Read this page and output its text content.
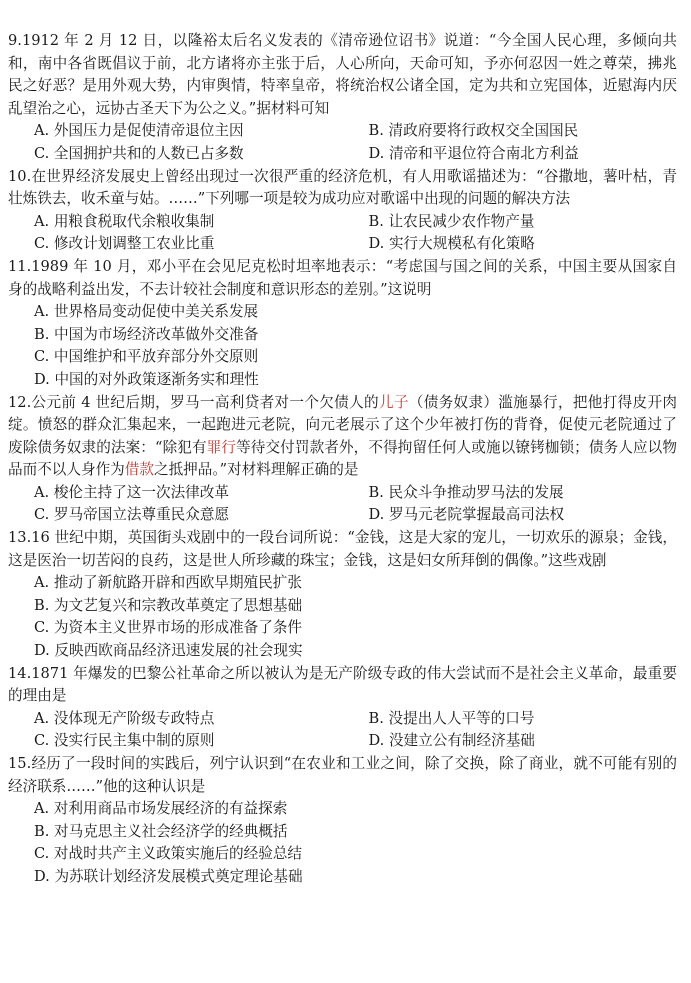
9.1912 年 2 月 12 日，以隆裕太后名义发表的《清帝逊位诏书》说道：“今全国人民心理，多倾向共和，南中各省既倡议于前，北方诸将亦主张于后，人心所向，天命可知，予亦何忍因一姓之尊荣，拂兆民之好恶？是用外观大势，内审舆情，特率皇帝，将统治权公诸全国，定为共和立宪国体，近慰海内厌乱望治之心，远协古圣天下为公之义。”据材料可知
A. 外国压力是促使清帝退位主因	B. 清政府要将行政权交全国国民
C. 全国拥护共和的人数已占多数	D. 清帝和平退位符合南北方利益
10.在世界经济发展史上曾经出现过一次很严重的经济危机，有人用歌谣描述为：“谷撒地，薯叶枯，青壮炼铁去，收禾童与姑。……”下列哪一项是较为成功应对歌谣中出现的问题的解决方法
A. 用粮食税取代余粮收集制	B. 让农民减少农作物产量
C. 修改计划调整工农业比重	D. 实行大规模私有化策略
11.1989 年 10 月，邓小平在会见尼克松时坦率地表示：“考虑国与国之间的关系，中国主要从国家自身的战略利益出发，不去计较社会制度和意识形态的差别。”这说明
A. 世界格局变动促使中美关系发展
B. 中国为市场经济改革做外交准备
C. 中国维护和平放弃部分外交原则
D. 中国的对外政策逐渐务实和理性
12.公元前 4 世纪后期，罗马一高利贷者对一个欠债人的儿子（债务奴隶）滥施暴行，把他打得皮开肉绽。愤怒的群众汇集起来，一起跑进元老院，向元老展示了这个少年被打伤的背脊，促使元老院通过了废除债务奴隶的法案：“除犯有罪行等待交付罚款者外，不得拘留任何人或施以镣铐枷锁；债务人应以物品而不以人身作为借款之抵押品。”对材料理解正确的是
A. 梭伦主持了这一次法律改革	B. 民众斗争推动罗马法的发展
C. 罗马帝国立法尊重民众意愿	D. 罗马元老院掌握最高司法权
13.16 世纪中期，英国街头戏剧中的一段台词所说：“金钱，这是大家的宠儿，一切欢乐的源泉；金钱，这是医治一切苦闷的良药，这是世人所珍藏的珠宝；金钱，这是妇女所拜倒的偶像。”这些戏剧
A. 推动了新航路开辟和西欧早期殖民扩张
B. 为文艺复兴和宗教改革奠定了思想基础
C. 为资本主义世界市场的形成准备了条件
D. 反映西欧商品经济迅速发展的社会现实
14.1871 年爆发的巴黎公社革命之所以被认为是无产阶级专政的伟大尝试而不是社会主义革命，最重要的理由是
A. 没体现无产阶级专政特点	B. 没提出人人平等的口号
C. 没实行民主集中制的原则	D. 没建立公有制经济基础
15.经历了一段时间的实践后，列宁认识到“在农业和工业之间，除了交换，除了商业，就不可能有别的经济联系……”他的这种认识是
A. 对利用商品市场发展经济的有益探索
B. 对马克思主义社会经济学的经典概括
C. 对战时共产主义政策实施后的经验总结
D. 为苏联计划经济发展模式奠定理论基础
